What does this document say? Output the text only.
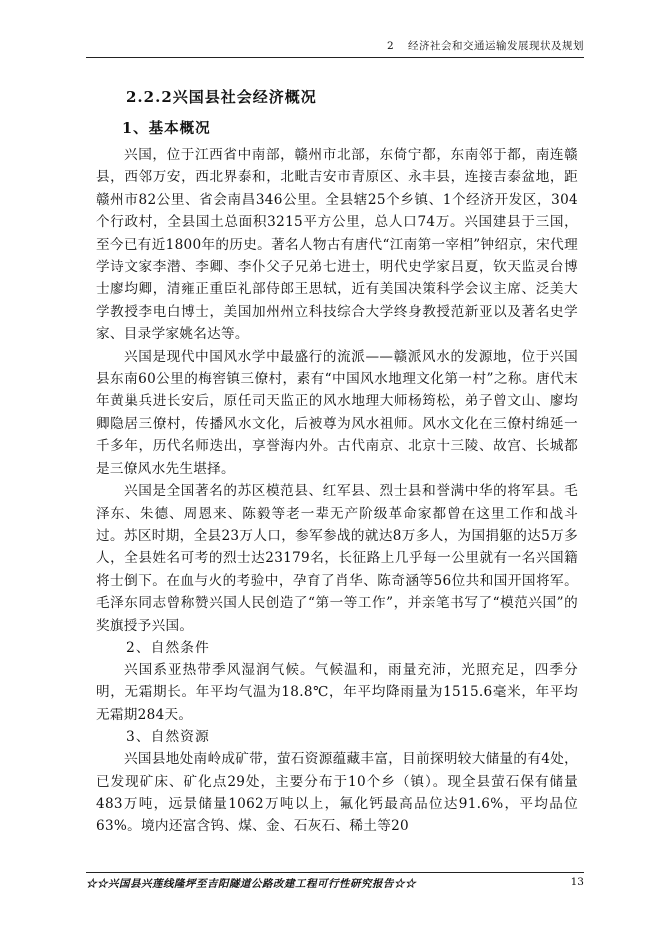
2 经济社会和交通运输发展现状及规划
2.2.2兴国县社会经济概况
1、基本概况

兴国，位于江西省中南部，赣州市北部，东倚宁都，东南邻于都，南连赣县，西邻万安，西北界泰和，北毗吉安市青原区、永丰县，连接吉泰盆地，距赣州市82公里、省会南昌346公里。全县辖25个乡镇、1个经济开发区，304个行政村，全县国土总面积3215平方公里，总人口74万。兴国建县于三国，至今已有近1800年的历史。著名人物古有唐代“江南第一宰相”钟绍京，宋代理学诗文家李潜、李卿、李仆父子兄弟七进士，明代史学家吕夏，钦天监灵台博士廖均卿，清雍正重臣礼部侍郎王思轼，近有美国决策科学会议主席、泛美大学教授李电白博士，美国加州州立科技综合大学终身教授范新亚以及著名史学家、目录学家姚名达等。

兴国是现代中国风水学中最盛行的流派——赣派风水的发源地，位于兴国县东南60公里的梅窖镇三僚村，素有“中国风水地理文化第一村”之称。唐代末年黄巢兵进长安后，原任司天监正的风水地理大师杨筠松，弟子曾文山、廖均卿隐居三僚村，传播风水文化，后被尊为风水祖师。风水文化在三僚村绵延一千多年，历代名师迭出，享誉海内外。古代南京、北京十三陵、故宫、长城都是三僚风水先生堪择。

兴国是全国著名的苏区模范县、红军县、烈士县和誉满中华的将军县。毛泽东、朱德、周恩来、陈毅等老一辈无产阶级革命家都曾在这里工作和战斗过。苏区时期，全县23万人口，参军参战的就达8万多人，为国捐躯的达5万多人，全县姓名可考的烈士达23179名，长征路上几乎每一公里就有一名兴国籍将士倒下。在血与火的考验中，孕育了肖华、陈奇涵等56位共和国开国将军。毛泽东同志曾称赞兴国人民创造了“第一等工作”，并亲笔书写了“模范兴国”的奖旗授予兴国。

2、自然条件

兴国系亚热带季风湿润气候。气候温和，雨量充沛，光照充足，四季分明，无霜期长。年平均气温为18.8℃，年平均降雨量为1515.6毫米，年平均无霜期284天。

3、自然资源

兴国县地处南岭成矿带，萤石资源蕴藏丰富，目前探明较大储量的有4处，已发现矿床、矿化点29处，主要分布于10个乡（镇）。现全县萤石保有储量483万吨，远景储量1062万吨以上，氟化钙最高品位达91.6%，平均品位63%。境内还富含钨、煤、金、石灰石、稀土等20

☆☆兴国县兴莲线隆坪至吉阳隧道公路改建工程可行性研究报告☆☆	13
